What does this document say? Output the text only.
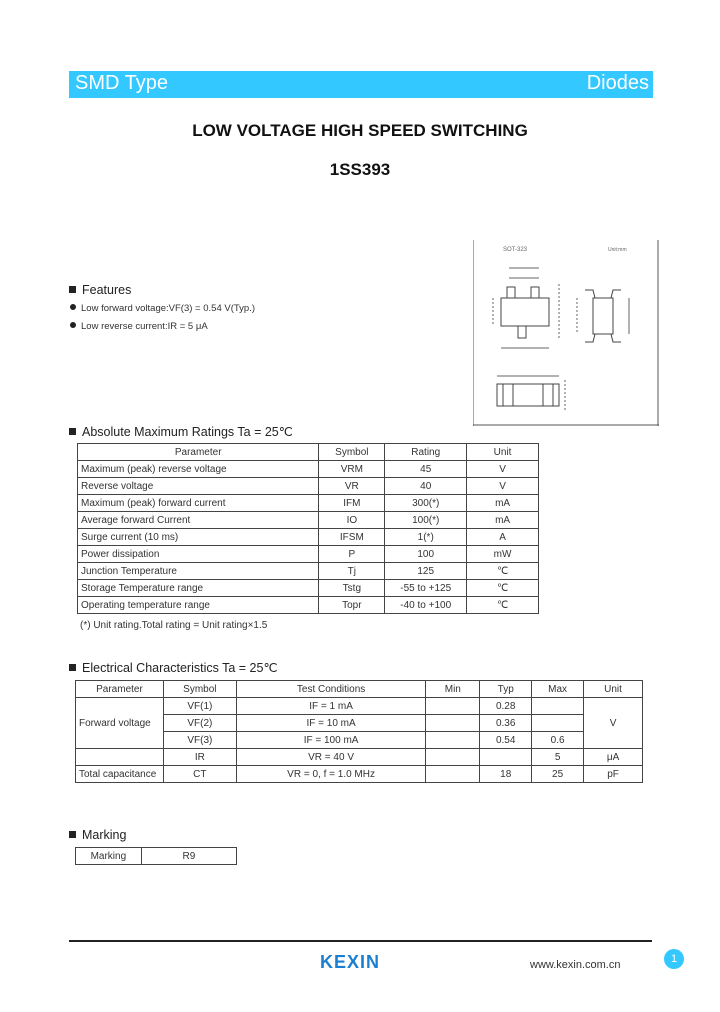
SMD Type	Diodes
LOW VOLTAGE HIGH SPEED SWITCHING
1SS393
Features
Low forward voltage:VF(3) = 0.54 V(Typ.)
Low reverse current:IR = 5 μA
SOT-323	Unit:mm
Absolute Maximum Ratings Ta = 25℃
Parameter	Symbol	Rating	Unit
Maximum (peak) reverse voltage	VRM	45	V
Reverse voltage	VR	40	V
Maximum (peak) forward current	IFM	300(*)	mA
Average forward Current	IO	100(*)	mA
Surge current (10 ms)	IFSM	1(*)	A
Power dissipation	P	100	mW
Junction Temperature	Tj	125	℃
Storage Temperature range	Tstg	-55 to +125	℃
Operating temperature range	Topr	-40 to +100	℃
(*) Unit rating.Total rating = Unit rating×1.5
Electrical Characteristics Ta = 25℃
Parameter	Symbol	Test Conditions	Min	Typ	Max	Unit
Forward voltage	VF(1)	IF = 1 mA		0.28		V
	VF(2)	IF = 10 mA		0.36		
	VF(3)	IF = 100 mA		0.54	0.6	
	IR	VR = 40 V			5	μA
Total capacitance	CT	VR = 0, f = 1.0 MHz		18	25	pF
Marking
Marking	R9
KEXIN	www.kexin.com.cn	1
